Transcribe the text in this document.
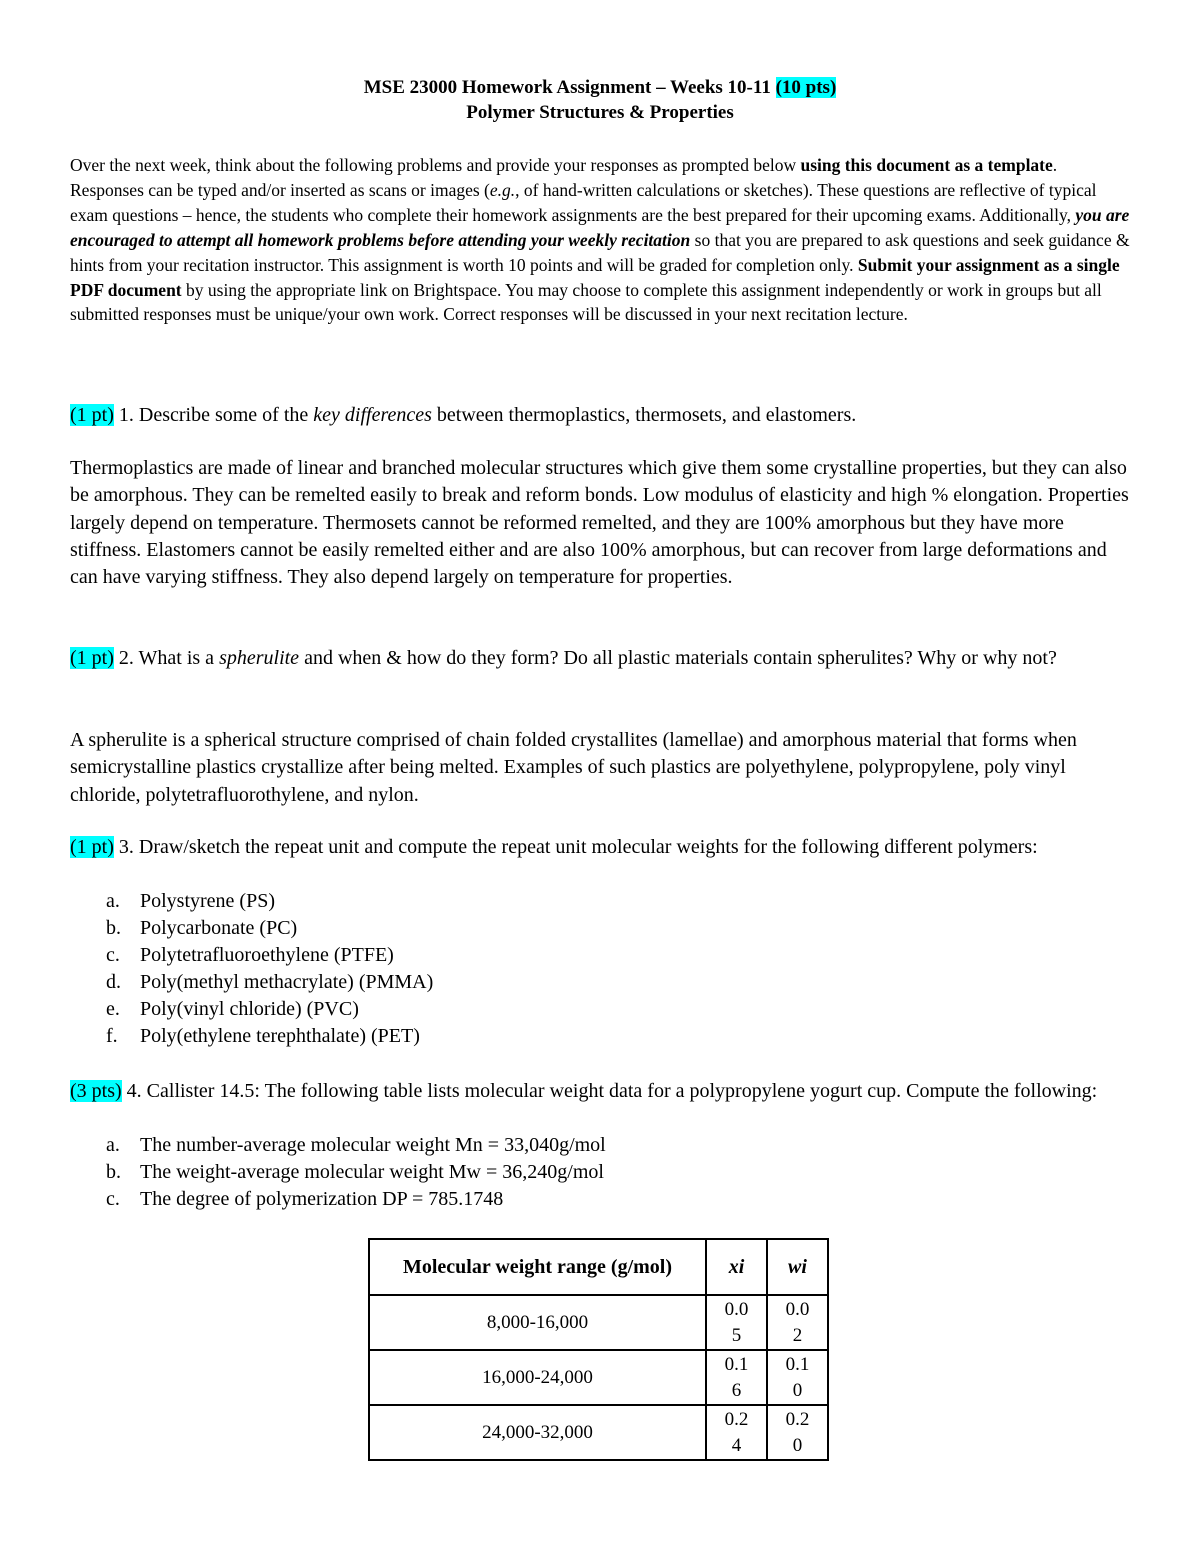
MSE 23000 Homework Assignment – Weeks 10-11 (10 pts)
Polymer Structures & Properties
Over the next week, think about the following problems and provide your responses as prompted below using this document as a template. Responses can be typed and/or inserted as scans or images (e.g., of hand-written calculations or sketches). These questions are reflective of typical exam questions – hence, the students who complete their homework assignments are the best prepared for their upcoming exams. Additionally, you are encouraged to attempt all homework problems before attending your weekly recitation so that you are prepared to ask questions and seek guidance & hints from your recitation instructor. This assignment is worth 10 points and will be graded for completion only. Submit your assignment as a single PDF document by using the appropriate link on Brightspace. You may choose to complete this assignment independently or work in groups but all submitted responses must be unique/your own work. Correct responses will be discussed in your next recitation lecture.
(1 pt) 1. Describe some of the key differences between thermoplastics, thermosets, and elastomers.
Thermoplastics are made of linear and branched molecular structures which give them some crystalline properties, but they can also be amorphous. They can be remelted easily to break and reform bonds. Low modulus of elasticity and high % elongation. Properties largely depend on temperature. Thermosets cannot be reformed remelted, and they are 100% amorphous but they have more stiffness. Elastomers cannot be easily remelted either and are also 100% amorphous, but can recover from large deformations and can have varying stiffness. They also depend largely on temperature for properties.
(1 pt) 2. What is a spherulite and when & how do they form? Do all plastic materials contain spherulites? Why or why not?
A spherulite is a spherical structure comprised of chain folded crystallites (lamellae) and amorphous material that forms when semicrystalline plastics crystallize after being melted. Examples of such plastics are polyethylene, polypropylene, poly vinyl chloride, polytetrafluorothylene, and nylon.
(1 pt) 3. Draw/sketch the repeat unit and compute the repeat unit molecular weights for the following different polymers:
a. Polystyrene (PS)
b. Polycarbonate (PC)
c. Polytetrafluoroethylene (PTFE)
d. Poly(methyl methacrylate) (PMMA)
e. Poly(vinyl chloride) (PVC)
f. Poly(ethylene terephthalate) (PET)
(3 pts) 4. Callister 14.5: The following table lists molecular weight data for a polypropylene yogurt cup. Compute the following:
a. The number-average molecular weight Mn = 33,040g/mol
b. The weight-average molecular weight Mw = 36,240g/mol
c. The degree of polymerization DP = 785.1748
Molecular weight range (g/mol)	xi	wi
8,000-16,000	0.05	0.02
16,000-24,000	0.16	0.10
24,000-32,000	0.24	0.20
